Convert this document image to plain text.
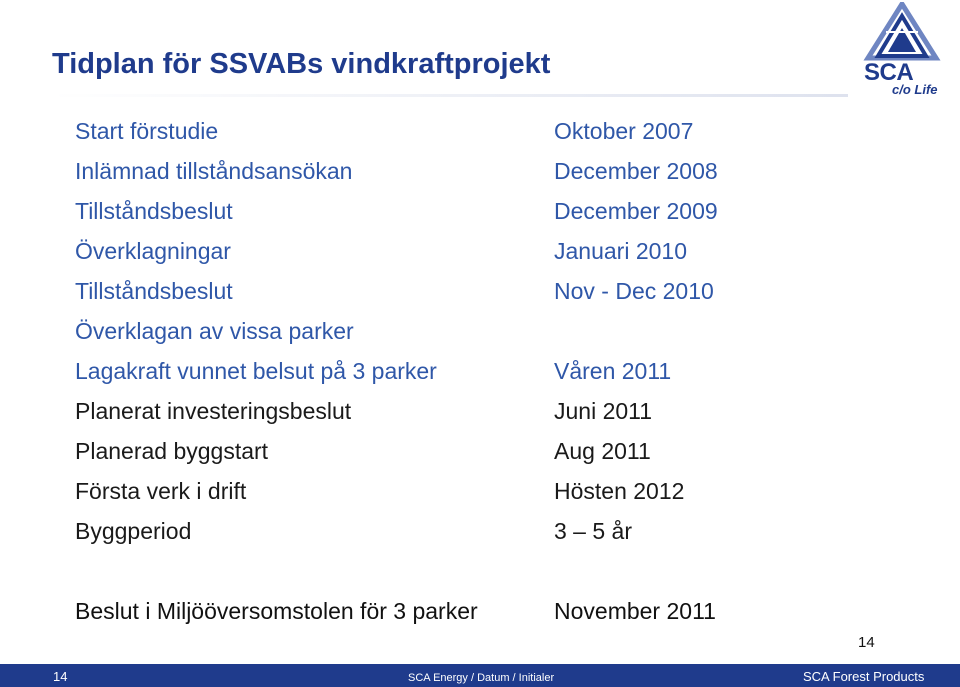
Tidplan för SSVABs vindkraftprojekt	SCA
c/o Life
Start förstudie	Oktober 2007
Inlämnad tillståndsansökan	December 2008
Tillståndsbeslut	December 2009
Överklagningar	Januari 2010
Tillståndsbeslut	Nov - Dec 2010
Överklagan av vissa parker
Lagakraft vunnet belsut på 3 parker	Våren 2011
Planerat investeringsbeslut	Juni 2011
Planerad byggstart	Aug 2011
Första verk i drift	Hösten 2012
Byggperiod	3 – 5 år
Beslut i Miljööversomstolen för 3 parker	November 2011
14
14	SCA Energy / Datum / Initialer	SCA Forest Products
